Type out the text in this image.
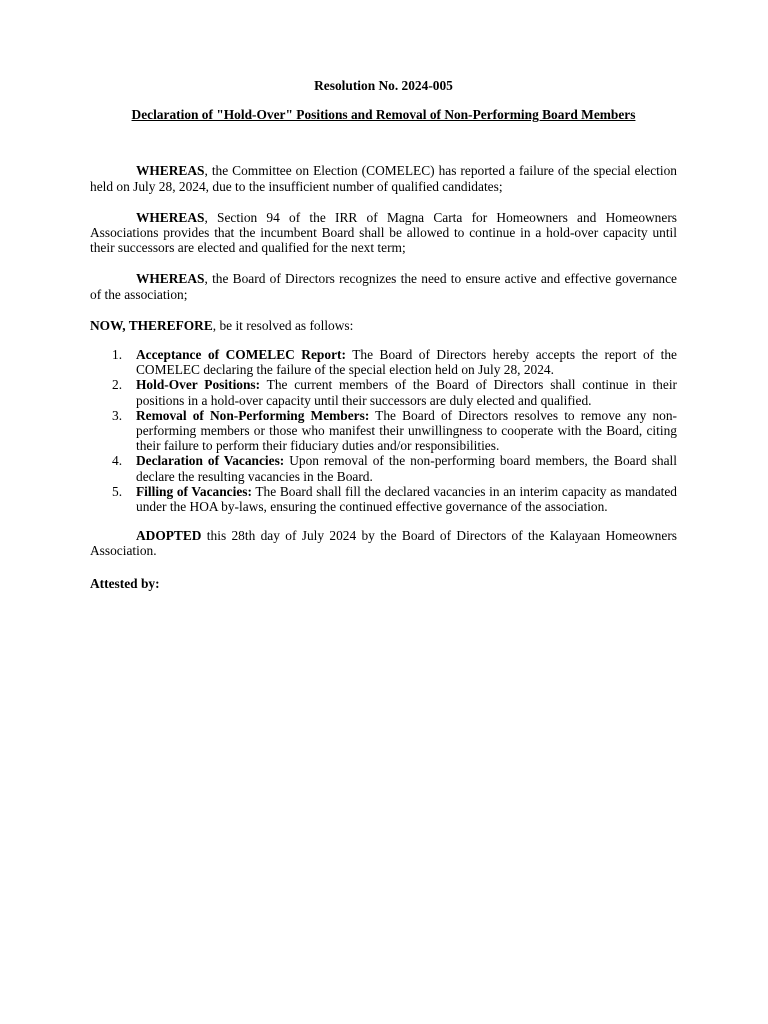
Resolution No. 2024-005

Declaration of "Hold-Over" Positions and Removal of Non-Performing Board Members

WHEREAS, the Committee on Election (COMELEC) has reported a failure of the special election held on July 28, 2024, due to the insufficient number of qualified candidates;

WHEREAS, Section 94 of the IRR of Magna Carta for Homeowners and Homeowners Associations provides that the incumbent Board shall be allowed to continue in a hold-over capacity until their successors are elected and qualified for the next term;

WHEREAS, the Board of Directors recognizes the need to ensure active and effective governance of the association;

NOW, THEREFORE, be it resolved as follows:

1. Acceptance of COMELEC Report: The Board of Directors hereby accepts the report of the COMELEC declaring the failure of the special election held on July 28, 2024.
2. Hold-Over Positions: The current members of the Board of Directors shall continue in their positions in a hold-over capacity until their successors are duly elected and qualified.
3. Removal of Non-Performing Members: The Board of Directors resolves to remove any non-performing members or those who manifest their unwillingness to cooperate with the Board, citing their failure to perform their fiduciary duties and/or responsibilities.
4. Declaration of Vacancies: Upon removal of the non-performing board members, the Board shall declare the resulting vacancies in the Board.
5. Filling of Vacancies: The Board shall fill the declared vacancies in an interim capacity as mandated under the HOA by-laws, ensuring the continued effective governance of the association.

ADOPTED this 28th day of July 2024 by the Board of Directors of the Kalayaan Homeowners Association.

Attested by:
